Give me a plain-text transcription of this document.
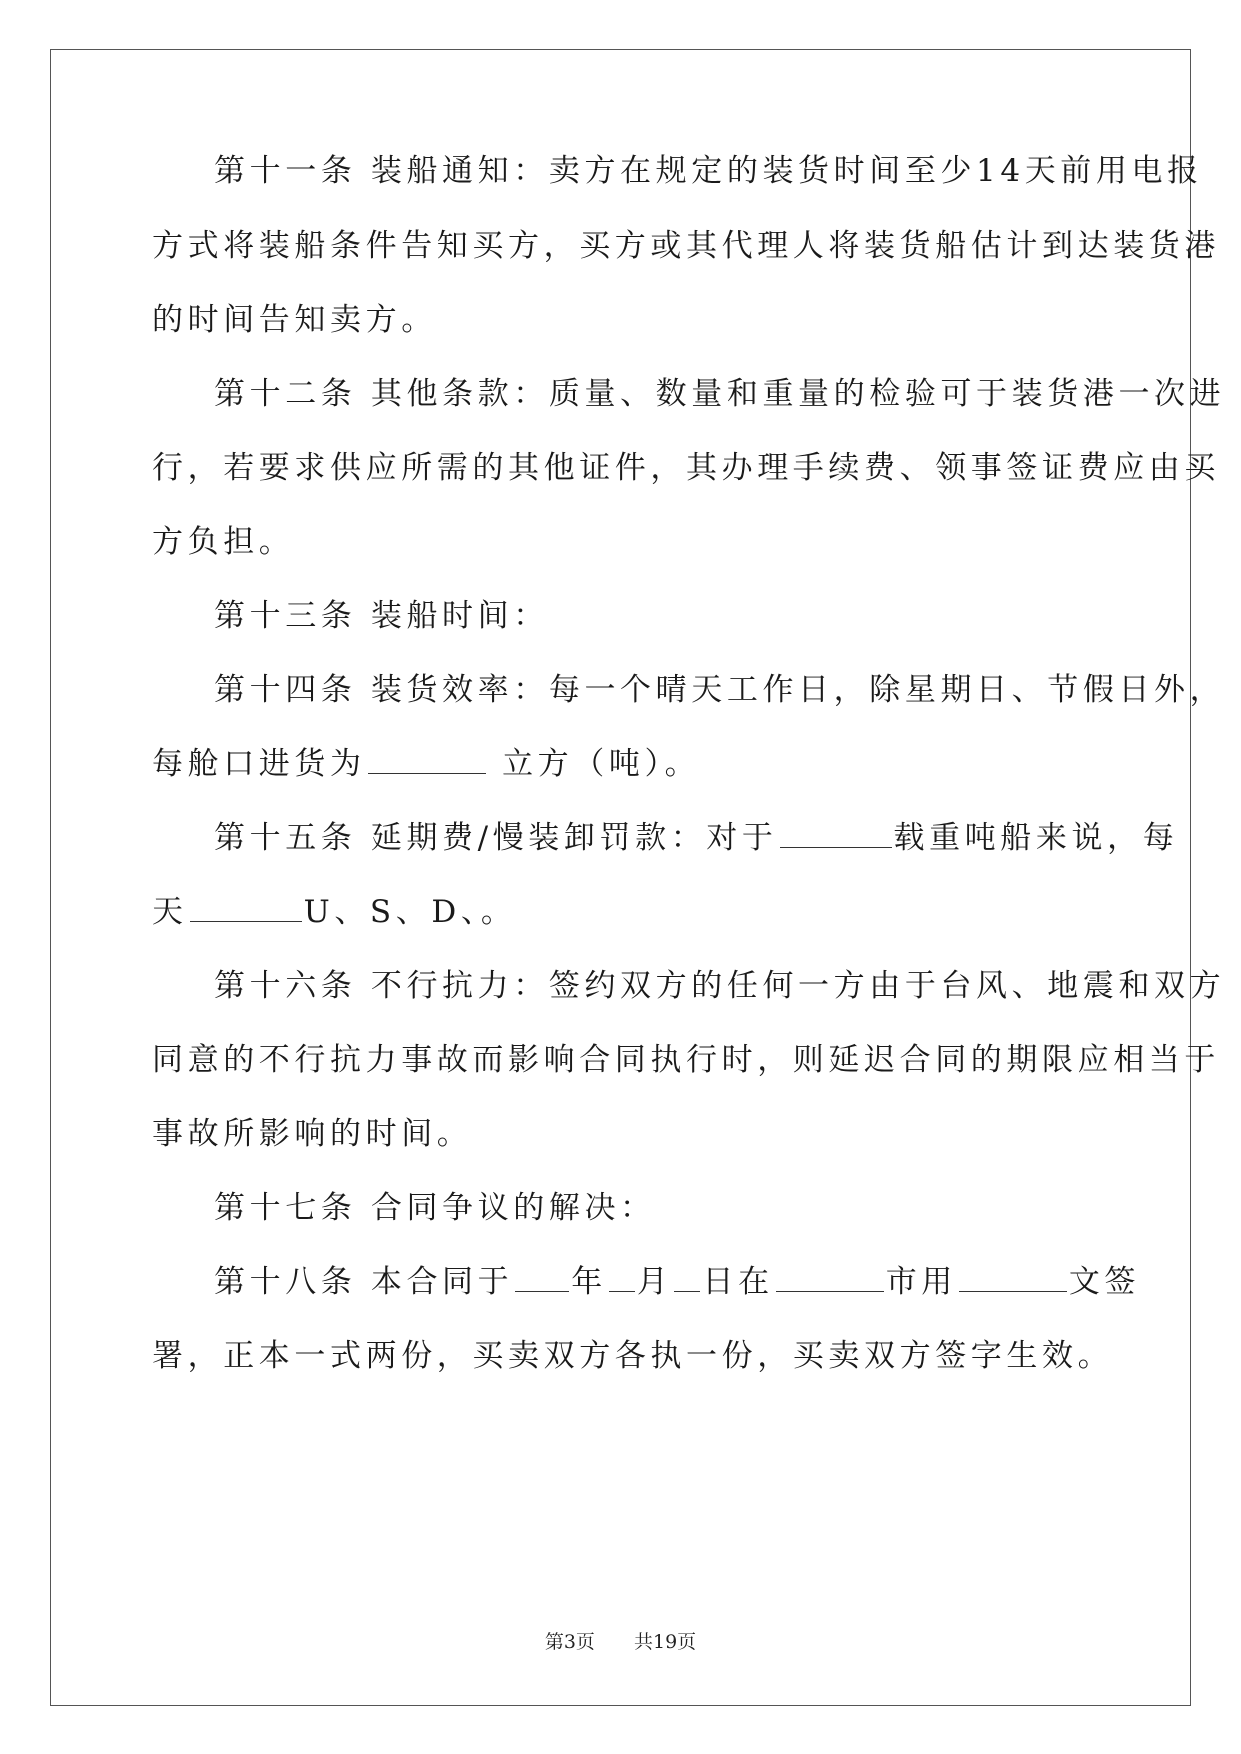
第十一条 装船通知：卖方在规定的装货时间至少14天前用电报
方式将装船条件告知买方，买方或其代理人将装货船估计到达装货港
的时间告知卖方。
第十二条 其他条款：质量、数量和重量的检验可于装货港一次进
行，若要求供应所需的其他证件，其办理手续费、领事签证费应由买
方负担。
第十三条 装船时间：
第十四条 装货效率：每一个晴天工作日，除星期日、节假日外，
每舱口进货为	立方（吨）。
第十五条 延期费/慢装卸罚款：对于	载重吨船来说，每
天	U、S、D、。
第十六条 不行抗力：签约双方的任何一方由于台风、地震和双方
同意的不行抗力事故而影响合同执行时，则延迟合同的期限应相当于
事故所影响的时间。
第十七条 合同争议的解决：
第十八条 本合同于 年 月 日在	市用	文签
署，正本一式两份，买卖双方各执一份，买卖双方签字生效。
第3页   共19页
